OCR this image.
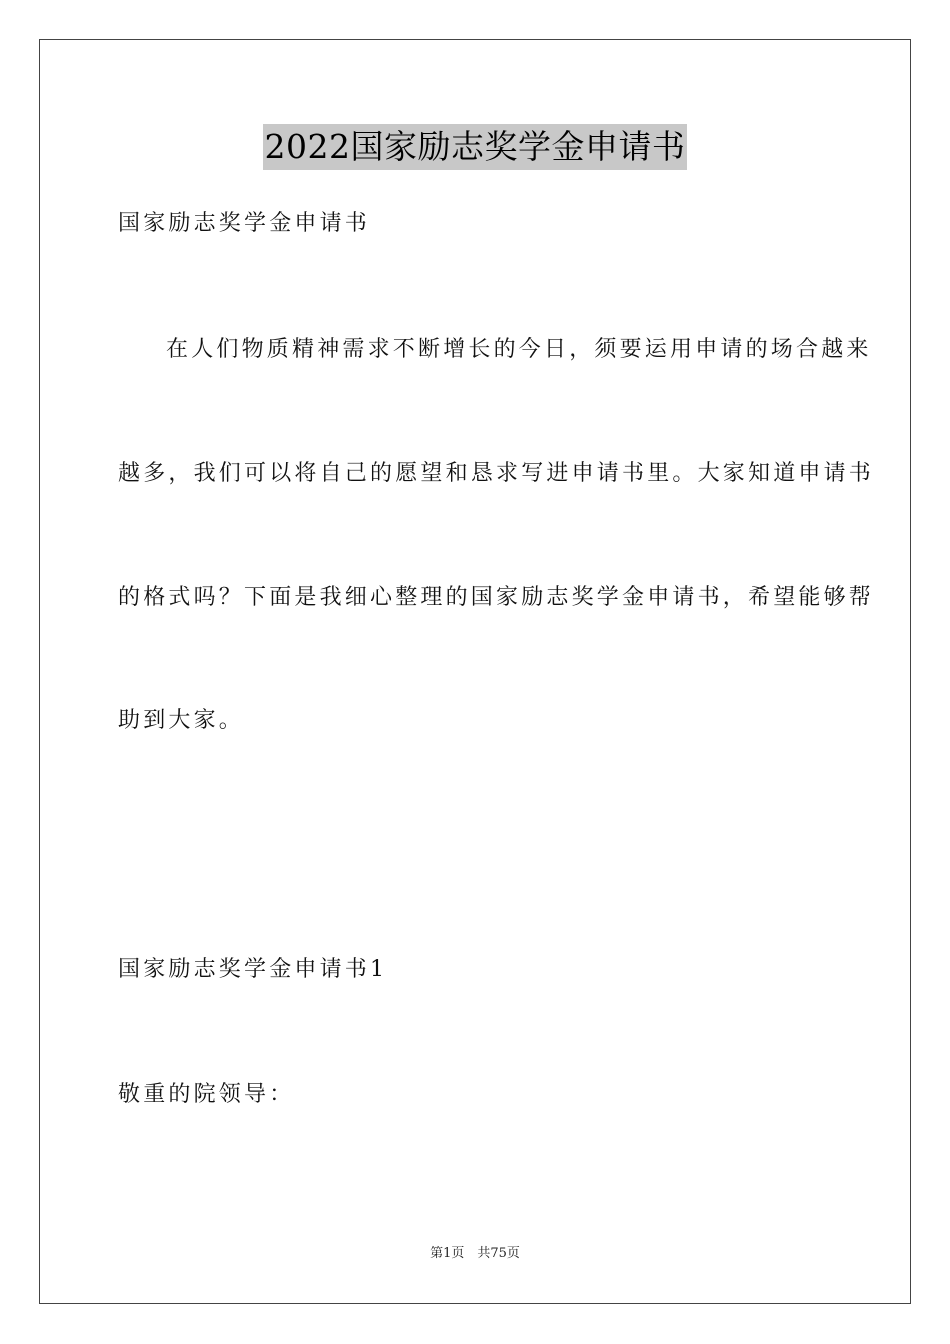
2022国家励志奖学金申请书
国家励志奖学金申请书
在人们物质精神需求不断增长的今日，须要运用申请的场合越来
越多，我们可以将自己的愿望和恳求写进申请书里。大家知道申请书
的格式吗？下面是我细心整理的国家励志奖学金申请书，希望能够帮
助到大家。
国家励志奖学金申请书1
敬重的院领导：
第1页　共75页
